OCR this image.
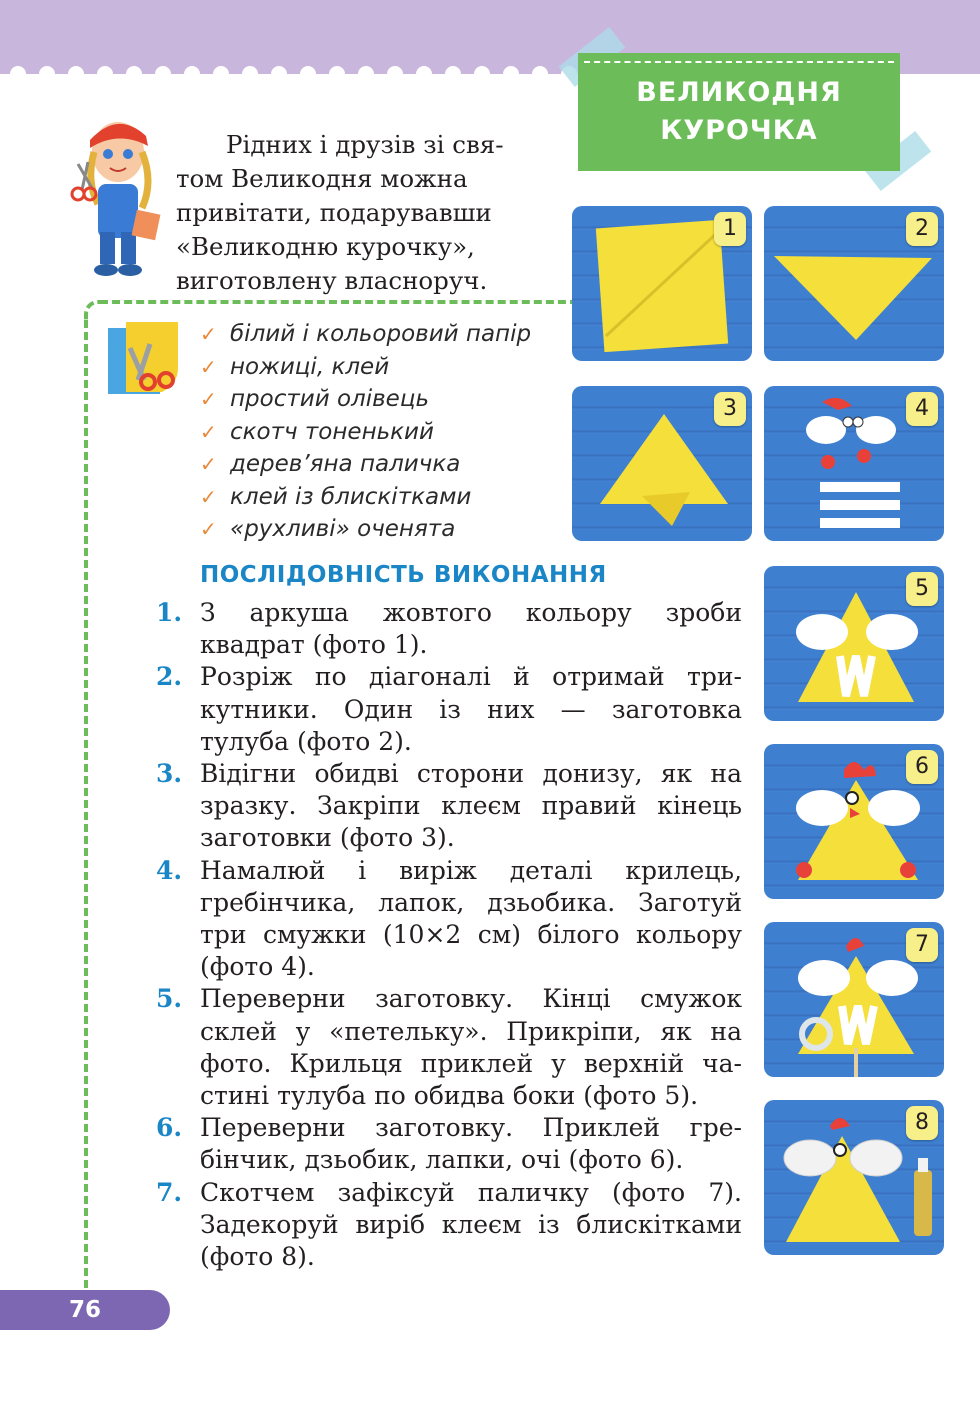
ВЕЛИКОДНЯ
КУРОЧКА
Рідних і друзів зі свя-
том Великодня можна
привітати, подарувавши
«Великодню курочку»,
виготовлену власноруч.
✓ білий і кольоровий папір
✓ ножиці, клей
✓ простий олівець
✓ скотч тоненький
✓ дерев’яна паличка
✓ клей із блискітками
✓ «рухливі» оченята
ПОСЛІДОВНІСТЬ ВИКОНАННЯ
1. З аркуша жовтого кольору зроби квадрат (фото 1).
2. Розріж по діагоналі й отримай трикутники. Один із них — заготовка тулуба (фото 2).
3. Відігни обидві сторони донизу, як на зразку. Закріпи клеєм правий кінець заготовки (фото 3).
4. Намалюй і виріж деталі крилець, гребінчика, лапок, дзьобика. Заготуй три смужки (10×2 см) білого кольору (фото 4).
5. Переверни заготовку. Кінці смужок склей у «петельку». Прикріпи, як на фото. Крильця приклей у верхній частині тулуба по обидва боки (фото 5).
6. Переверни заготовку. Приклей гребінчик, дзьобик, лапки, очі (фото 6).
7. Скотчем зафіксуй паличку (фото 7). Задекоруй виріб клеєм із блискітками (фото 8).
1	2
3	4
5
6
7
8
76
